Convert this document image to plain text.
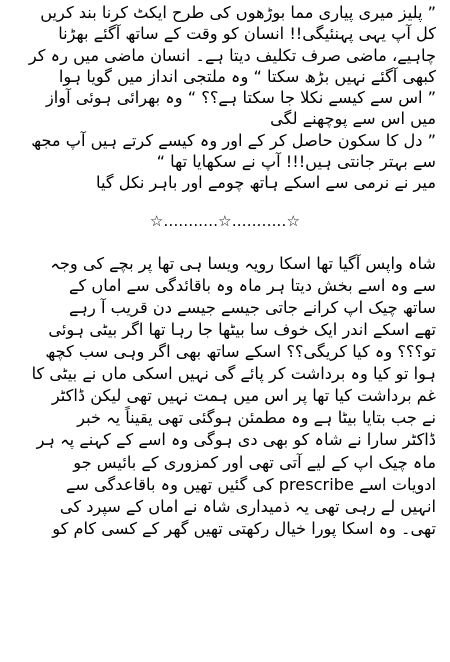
” پلیز میری پیاری مما بوڑھوں کی طرح ایکٹ کرنا بند کریں
کل آپ یہی پہنئیگی!! انسان کو وقت کے ساتھ آگئے بھڑنا
چاہیے، ماضی صرف تکلیف دیتا ہے۔ انسان ماضی میں رہ کر
کبھی آگئے نہیں بڑھ سکتا “ وہ ملتجی انداز میں گویا ہوا
” اس سے کیسے نکلا جا سکتا ہے؟؟ “ وہ بھرائی ہوئی آواز
میں اس سے پوچھنے لگی
” دل کا سکون حاصل کر کے اور وہ کیسے کرتے ہیں آپ مجھ
سے بہتر جانتی ہیں!!! آپ نے سکھایا تھا “
میر نے نرمی سے اسکے ہاتھ چومے اور باہر نکل گیا
☆...........☆...........☆
شاہ واپس آگیا تھا اسکا رویہ ویسا ہی تھا پر بچے کی وجہ
سے وہ اسے بخش دیتا ہر ماہ وہ باقائدگی سے اماں کے
ساتھ چیک اپ کرانے جاتی جیسے جیسے دن قریب آ رہے
تھے اسکے اندر ایک خوف سا بیٹھا جا رہا تھا اگر بیٹی ہوئی
تو؟؟؟ وہ کیا کریگی؟؟ اسکے ساتھ بھی اگر وہی سب کچھ
ہوا تو کیا وہ برداشت کر پائے گی نہیں اسکی ماں نے بیٹی کا
غم برداشت کیا تھا پر اس میں ہمت نہیں تھی لیکن ڈاکٹر
نے جب بتایا بیٹا ہے وہ مطمئن ہوگئی تھی یقیناً یہ خبر
ڈاکٹر سارا نے شاہ کو بھی دی ہوگی وہ اسے کے کہنے پہ ہر
ماہ چیک اپ کے لیے آتی تھی اور کمزوری کے بائیس جو
ادویات اسے prescribe کی گئیں تھیں وہ باقاعدگی سے
انہیں لے رہی تھی یہ ذمیداری شاہ نے اماں کے سپرد کی
تھی۔ وہ اسکا پورا خیال رکھتی تھیں گھر کے کسی کام کو
